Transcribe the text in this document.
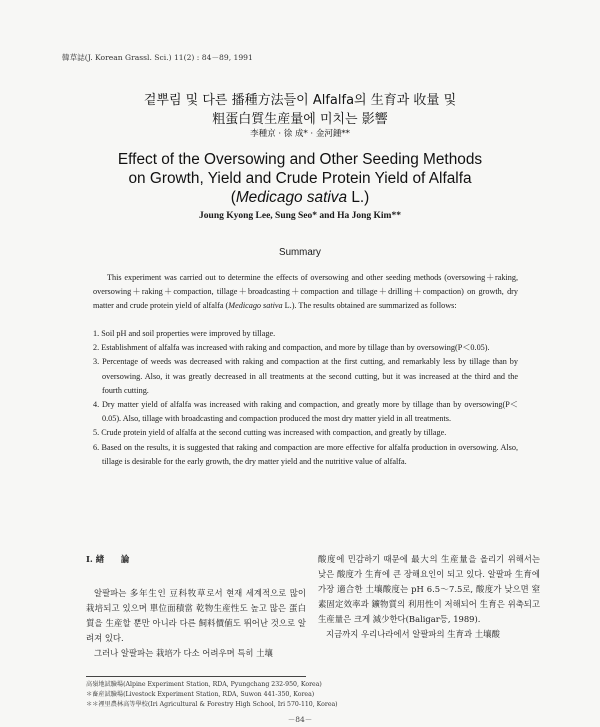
韓草誌(J. Korean Grassl. Sci.) 11(2) : 84－89, 1991
겉뿌림 및 다른 播種方法들이 Alfalfa의 生育과 收量 및
粗蛋白質生産量에 미치는 影響
李種京 · 徐 成* · 金河鍾**
Effect of the Oversowing and Other Seeding Methods
on Growth, Yield and Crude Protein Yield of Alfalfa
(Medicago sativa L.)
Joung Kyong Lee, Sung Seo* and Ha Jong Kim**
Summary

This experiment was carried out to determine the effects of oversowing and other seeding methods (oversowing＋raking, oversowing＋raking＋compaction, tillage＋broadcasting＋compaction and tillage＋drilling＋compaction) on growth, dry matter and crude protein yield of alfalfa (Medicago sativa L.). The results obtained are summarized as follows:

1. Soil pH and soil properties were improved by tillage.

2. Establishment of alfalfa was increased with raking and compaction, and more by tillage than by oversowing(P＜0.05).

3. Percentage of weeds was decreased with raking and compaction at the first cutting, and remarkably less by tillage than by oversowing. Also, it was greatly decreased in all treatments at the second cutting, but it was increased at the third and the fourth cutting.

4. Dry matter yield of alfalfa was increased with raking and compaction, and greatly more by tillage than by oversowing(P＜0.05). Also, tillage with broadcasting and compaction produced the most dry matter yield in all treatments.

5. Crude protein yield of alfalfa at the second cutting was increased with compaction, and greatly by tillage.

6. Based on the results, it is suggested that raking and compaction are more effective for alfalfa production in oversowing. Also, tillage is desirable for the early growth, the dry matter yield and the nutritive value of alfalfa.

Ⅰ. 緖　　論

알팔파는 多年生인 豆科牧草로서 현재 세계적으로 많이 栽培되고 있으며 單位面積當 乾物生産性도 높고 많은 蛋白質을 生産할 뿐만 아니라 다른 飼料價値도 뛰어난 것으로 알려져 있다.

그러나 알팔파는 栽培가 다소 어려우며 특히 土壤

酸度에 민감하기 때문에 最大의 生産量을 올리기 위해서는 낮은 酸度가 生育에 큰 장해요인이 되고 있다. 알팔파 生育에 가장 適合한 土壤酸度는 pH 6.5～7.5로, 酸度가 낮으면 窒素固定效率과 鑛物質의 利用性이 저해되어 生育은 위축되고 生産量은 크게 減少한다(Baligar등, 1989).

지금까지 우리나라에서 알팔파의 生育과 土壤酸

高嶺地試驗場(Alpine Experiment Station, RDA, Pyungchang 232-950, Korea)
＊畜産試驗場(Livestock Experiment Station, RDA, Suwon 441-350, Korea)
＊＊裡里農林高等學校(Iri Agricultural & Forestry High School, Iri 570-110, Korea)
－84－
